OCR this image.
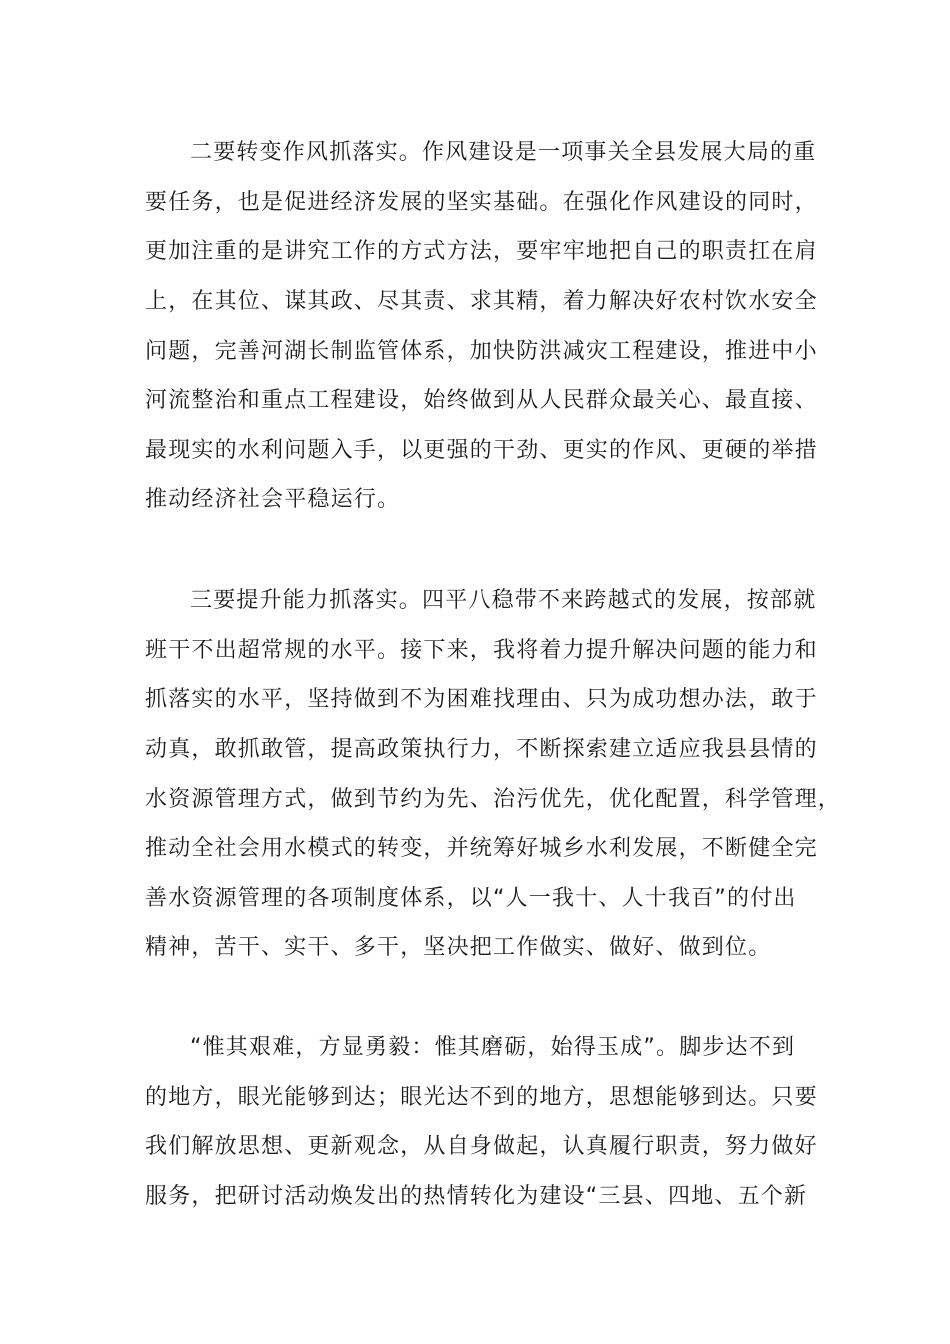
二要转变作风抓落实。作风建设是一项事关全县发展大局的重
要任务，也是促进经济发展的坚实基础。在强化作风建设的同时，
更加注重的是讲究工作的方式方法，要牢牢地把自己的职责扛在肩
上，在其位、谋其政、尽其责、求其精，着力解决好农村饮水安全
问题，完善河湖长制监管体系，加快防洪减灾工程建设，推进中小
河流整治和重点工程建设，始终做到从人民群众最关心、最直接、
最现实的水利问题入手，以更强的干劲、更实的作风、更硬的举措
推动经济社会平稳运行。
三要提升能力抓落实。四平八稳带不来跨越式的发展，按部就
班干不出超常规的水平。接下来，我将着力提升解决问题的能力和
抓落实的水平，坚持做到不为困难找理由、只为成功想办法，敢于
动真，敢抓敢管，提高政策执行力，不断探索建立适应我县县情的
水资源管理方式，做到节约为先、治污优先，优化配置，科学管理，
推动全社会用水模式的转变，并统筹好城乡水利发展，不断健全完
善水资源管理的各项制度体系，以“人一我十、人十我百”的付出
精神，苦干、实干、多干，坚决把工作做实、做好、做到位。
“惟其艰难，方显勇毅：惟其磨砺，始得玉成”。脚步达不到
的地方，眼光能够到达；眼光达不到的地方，思想能够到达。只要
我们解放思想、更新观念，从自身做起，认真履行职责，努力做好
服务，把研讨活动焕发出的热情转化为建设“三县、四地、五个新
